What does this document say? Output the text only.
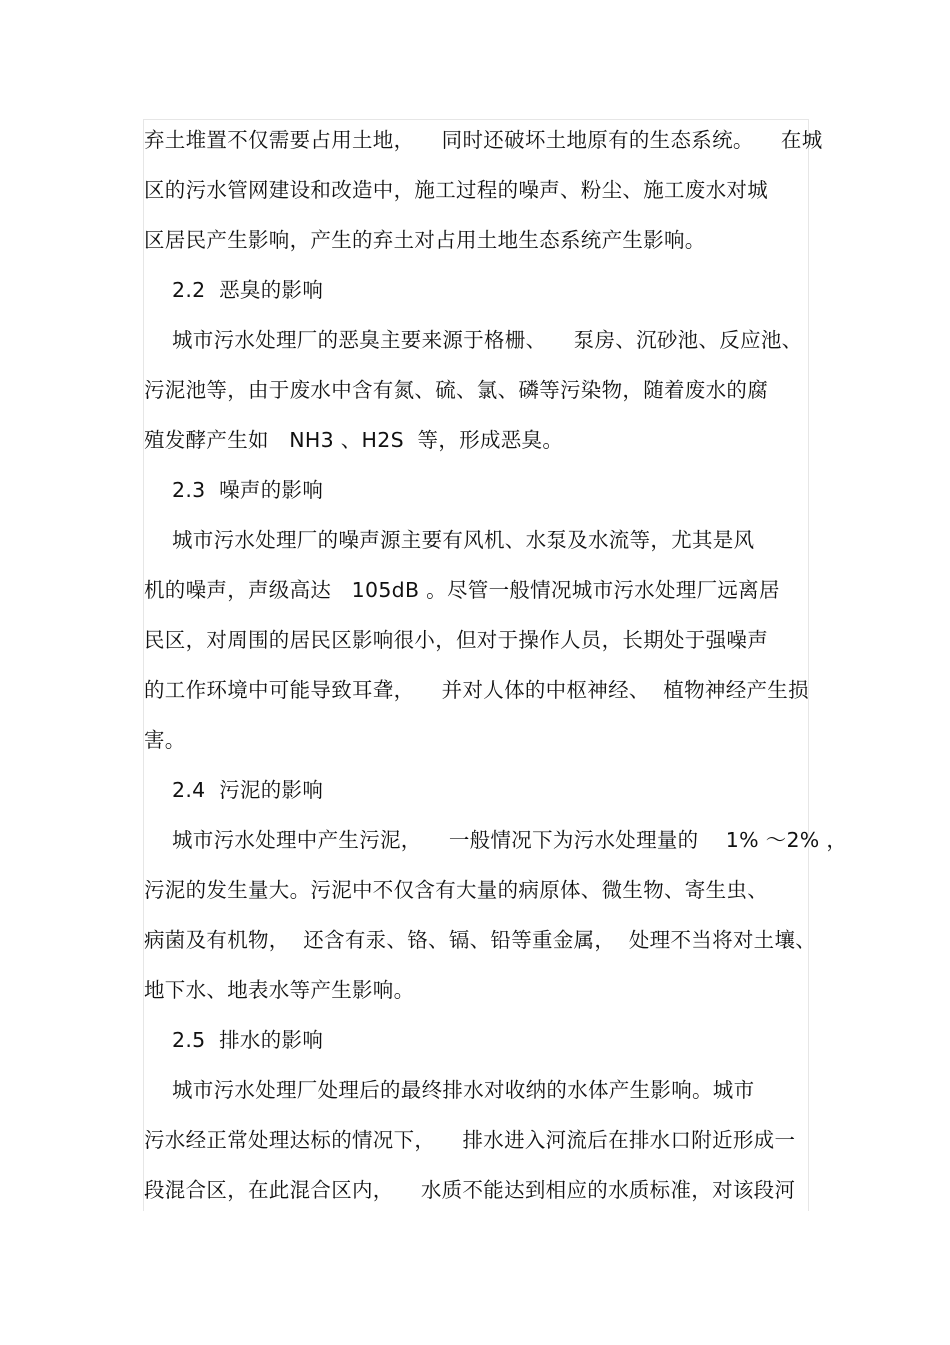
弃土堆置不仅需要占用土地，    同时还破坏土地原有的生态系统。    在城
区的污水管网建设和改造中，施工过程的噪声、粉尘、施工废水对城
区居民产生影响，产生的弃土对占用土地生态系统产生影响。
2.2  恶臭的影响
城市污水处理厂的恶臭主要来源于格栅、    泵房、沉砂池、反应池、
污泥池等，由于废水中含有氮、硫、氯、磷等污染物，随着废水的腐
殖发酵产生如   NH3 、H2S  等，形成恶臭。
2.3  噪声的影响
城市污水处理厂的噪声源主要有风机、水泵及水流等，尤其是风
机的噪声，声级高达   105dB 。尽管一般情况城市污水处理厂远离居
民区，对周围的居民区影响很小，但对于操作人员，长期处于强噪声
的工作环境中可能导致耳聋，    并对人体的中枢神经、  植物神经产生损
害。
2.4  污泥的影响
城市污水处理中产生污泥，    一般情况下为污水处理量的    1% ～2% ，
污泥的发生量大。污泥中不仅含有大量的病原体、微生物、寄生虫、
病菌及有机物，  还含有汞、铬、镉、铅等重金属，  处理不当将对土壤、
地下水、地表水等产生影响。
2.5  排水的影响
城市污水处理厂处理后的最终排水对收纳的水体产生影响。城市
污水经正常处理达标的情况下，    排水进入河流后在排水口附近形成一
段混合区，在此混合区内，    水质不能达到相应的水质标准，对该段河
